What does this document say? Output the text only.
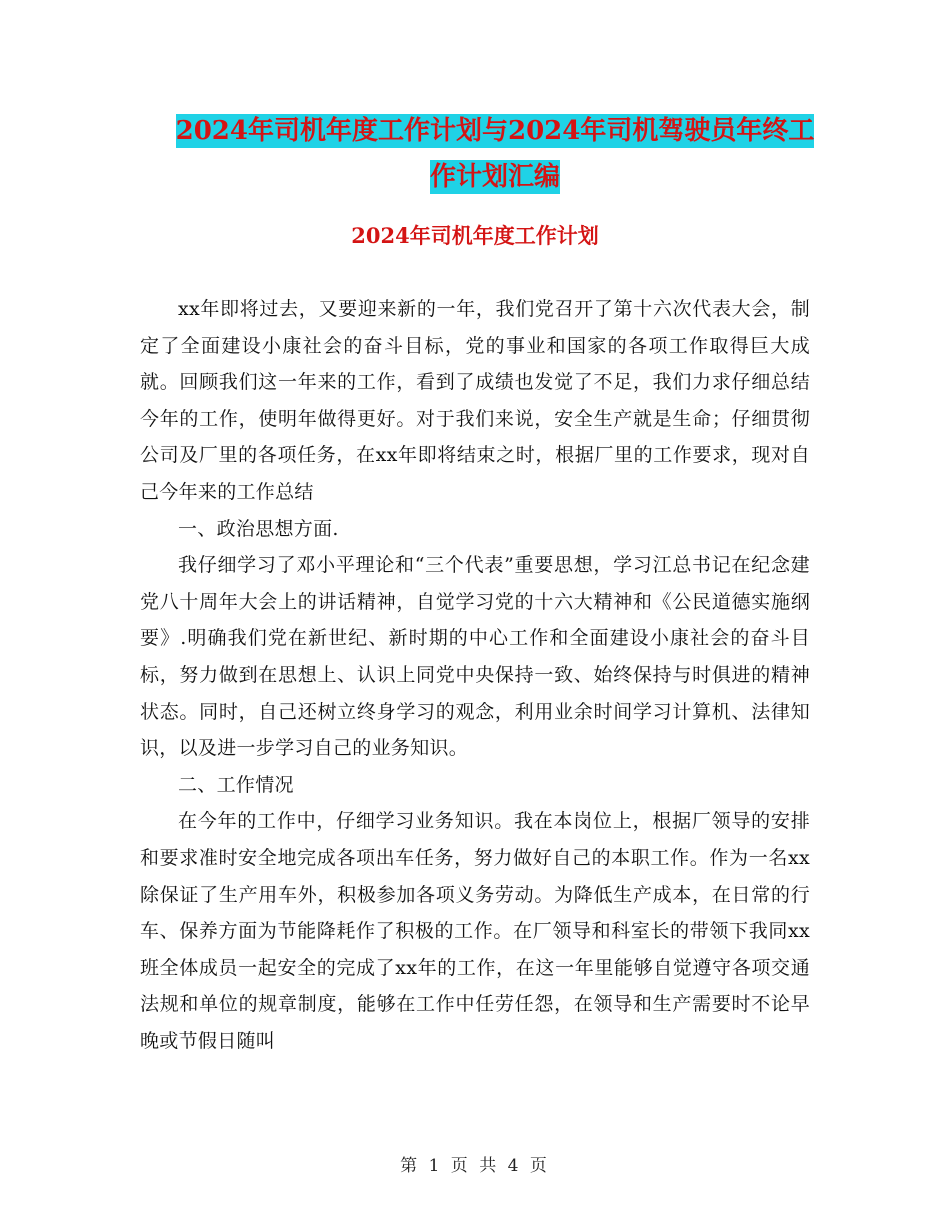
2024年司机年度工作计划与2024年司机驾驶员年终工
作计划汇编
2024年司机年度工作计划

xx年即将过去，又要迎来新的一年，我们党召开了第十六次代表大会，制定了全面建设小康社会的奋斗目标，党的事业和国家的各项工作取得巨大成就。回顾我们这一年来的工作，看到了成绩也发觉了不足，我们力求仔细总结今年的工作，使明年做得更好。对于我们来说，安全生产就是生命；仔细贯彻公司及厂里的各项任务，在xx年即将结束之时，根据厂里的工作要求，现对自己今年来的工作总结

一、政治思想方面.

我仔细学习了邓小平理论和“三个代表”重要思想，学习江总书记在纪念建党八十周年大会上的讲话精神，自觉学习党的十六大精神和《公民道德实施纲要》.明确我们党在新世纪、新时期的中心工作和全面建设小康社会的奋斗目标，努力做到在思想上、认识上同党中央保持一致、始终保持与时俱进的精神状态。同时，自己还树立终身学习的观念，利用业余时间学习计算机、法律知识，以及进一步学习自己的业务知识。

二、工作情况

在今年的工作中，仔细学习业务知识。我在本岗位上，根据厂领导的安排和要求准时安全地完成各项出车任务，努力做好自己的本职工作。作为一名xx除保证了生产用车外，积极参加各项义务劳动。为降低生产成本，在日常的行车、保养方面为节能降耗作了积极的工作。在厂领导和科室长的带领下我同xx班全体成员一起安全的完成了xx年的工作，在这一年里能够自觉遵守各项交通法规和单位的规章制度，能够在工作中任劳任怨，在领导和生产需要时不论早晚或节假日随叫

第 1 页 共 4 页
